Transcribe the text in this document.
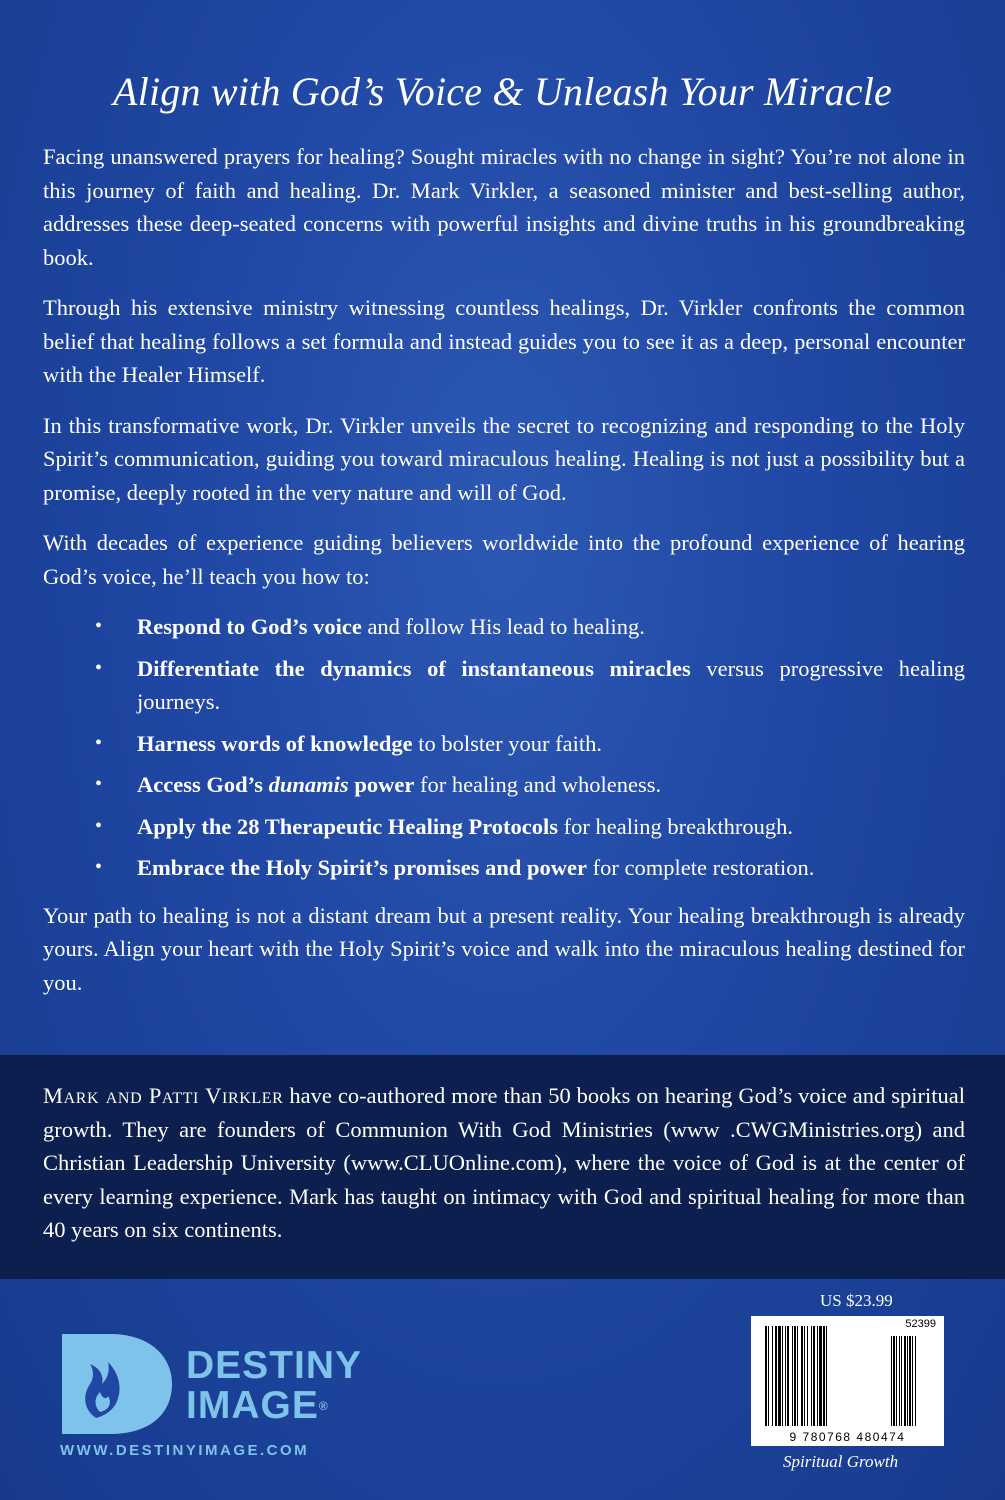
Align with God’s Voice & Unleash Your Miracle

Facing unanswered prayers for healing? Sought miracles with no change in sight? You’re not alone in this journey of faith and healing. Dr. Mark Virkler, a seasoned minister and best-selling author, addresses these deep-seated concerns with powerful insights and divine truths in his groundbreaking book.

Through his extensive ministry witnessing countless healings, Dr. Virkler confronts the common belief that healing follows a set formula and instead guides you to see it as a deep, personal encounter with the Healer Himself.

In this transformative work, Dr. Virkler unveils the secret to recognizing and responding to the Holy Spirit’s communication, guiding you toward miraculous healing. Healing is not just a possibility but a promise, deeply rooted in the very nature and will of God.

With decades of experience guiding believers worldwide into the profound experience of hearing God’s voice, he’ll teach you how to:

• Respond to God’s voice and follow His lead to healing.
• Differentiate the dynamics of instantaneous miracles versus progressive healing journeys.
• Harness words of knowledge to bolster your faith.
• Access God’s dunamis power for healing and wholeness.
• Apply the 28 Therapeutic Healing Protocols for healing breakthrough.
• Embrace the Holy Spirit’s promises and power for complete restoration.

Your path to healing is not a distant dream but a present reality. Your healing breakthrough is already yours. Align your heart with the Holy Spirit’s voice and walk into the miraculous healing destined for you.

Mark and Patti Virkler have co-authored more than 50 books on hearing God’s voice and spiritual growth. They are founders of Communion With God Ministries (www .CWGMinistries.org) and Christian Leadership University (www.CLUOnline.com), where the voice of God is at the center of every learning experience. Mark has taught on intimacy with God and spiritual healing for more than 40 years on six continents.
DESTINY
IMAGE®
WWW.DESTINYIMAGE.COM
US $23.99
52399
9 780768 480474
Spiritual Growth
